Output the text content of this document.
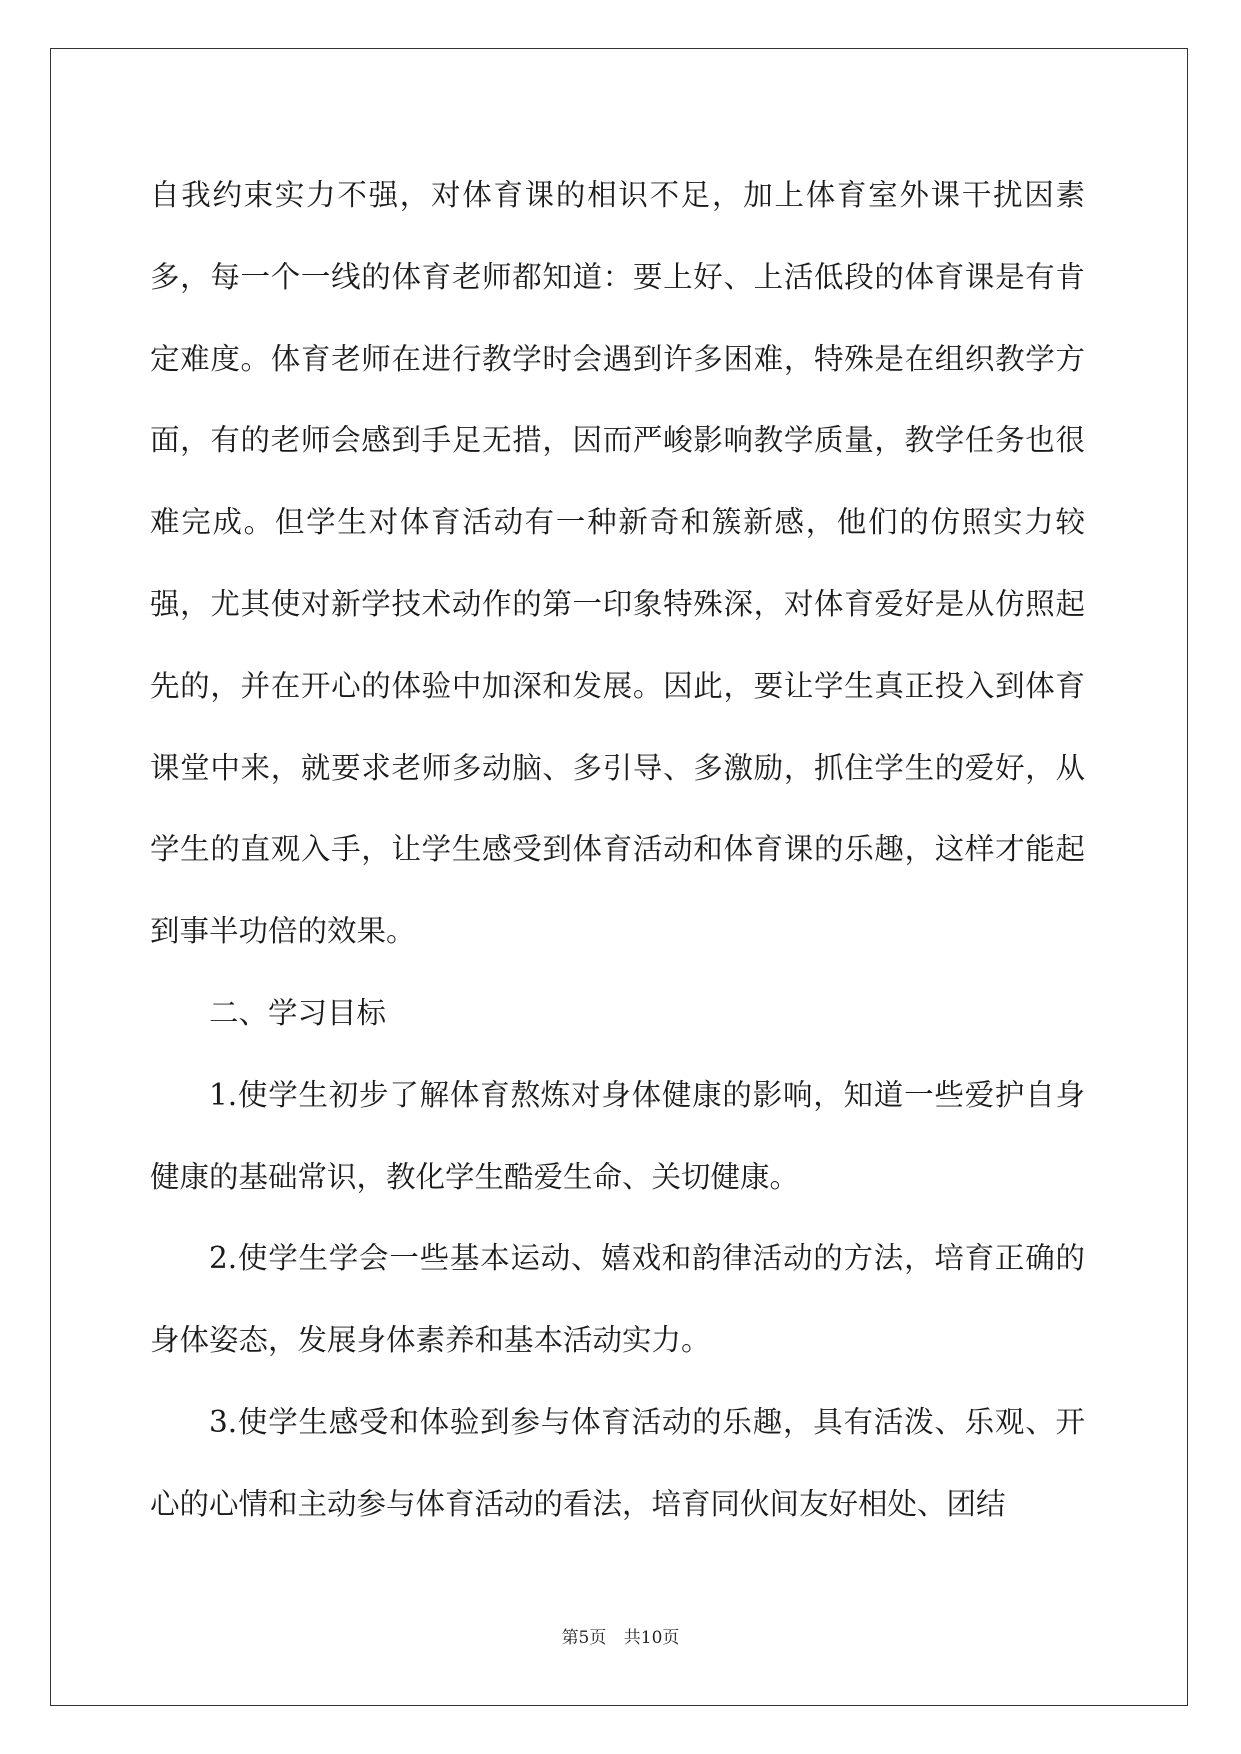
自我约束实力不强，对体育课的相识不足，加上体育室外课干扰因素多，每一个一线的体育老师都知道：要上好、上活低段的体育课是有肯定难度。体育老师在进行教学时会遇到许多困难，特殊是在组织教学方面，有的老师会感到手足无措，因而严峻影响教学质量，教学任务也很难完成。但学生对体育活动有一种新奇和簇新感，他们的仿照实力较强，尤其使对新学技术动作的第一印象特殊深，对体育爱好是从仿照起先的，并在开心的体验中加深和发展。因此，要让学生真正投入到体育课堂中来，就要求老师多动脑、多引导、多激励，抓住学生的爱好，从学生的直观入手，让学生感受到体育活动和体育课的乐趣，这样才能起到事半功倍的效果。

二、学习目标

1.使学生初步了解体育熬炼对身体健康的影响，知道一些爱护自身健康的基础常识，教化学生酷爱生命、关切健康。

2.使学生学会一些基本运动、嬉戏和韵律活动的方法，培育正确的身体姿态，发展身体素养和基本活动实力。

3.使学生感受和体验到参与体育活动的乐趣，具有活泼、乐观、开心的心情和主动参与体育活动的看法，培育同伙间友好相处、团结

第5页 共10页
